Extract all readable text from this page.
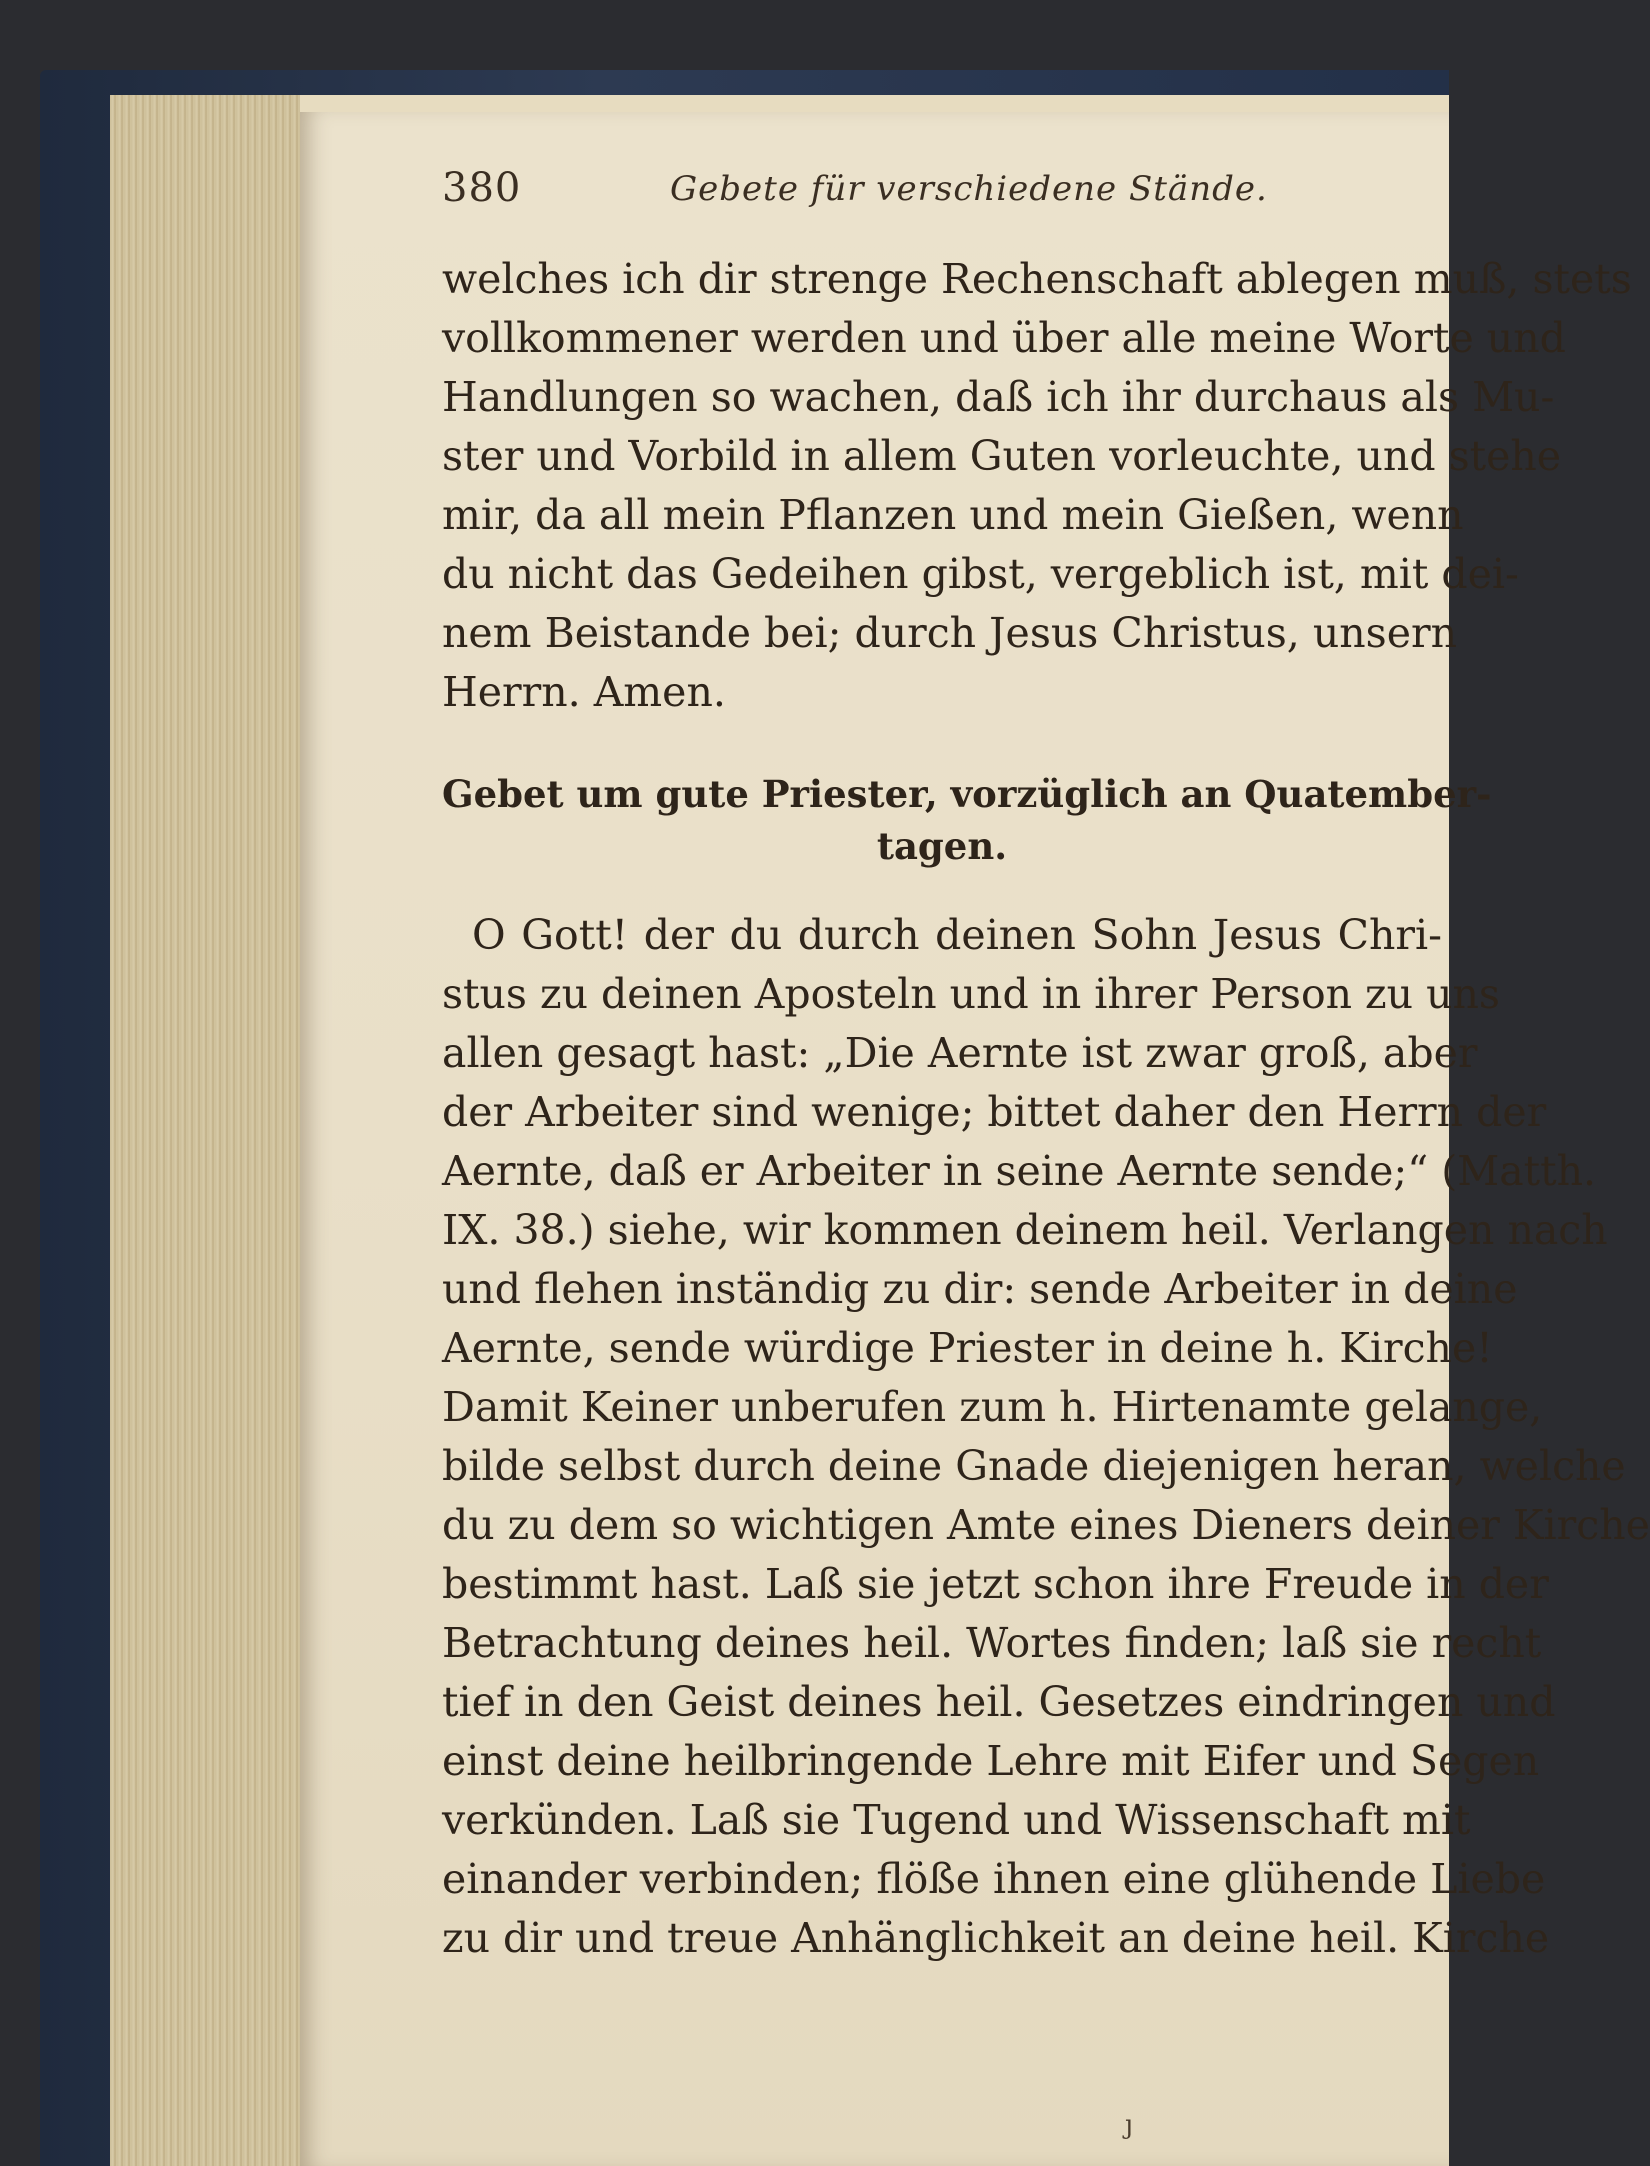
380	Gebete für verschiedene Stände.
welches ich dir strenge Rechenschaft ablegen muß, stets
vollkommener werden und über alle meine Worte und
Handlungen so wachen, daß ich ihr durchaus als Mu-
ster und Vorbild in allem Guten vorleuchte, und stehe
mir, da all mein Pflanzen und mein Gießen, wenn
du nicht das Gedeihen gibst, vergeblich ist, mit dei-
nem Beistande bei; durch Jesus Christus, unsern
Herrn. Amen.
Gebet um gute Priester, vorzüglich an Quatember-
tagen.
O Gott! der du durch deinen Sohn Jesus Chri-
stus zu deinen Aposteln und in ihrer Person zu uns
allen gesagt hast: „Die Aernte ist zwar groß, aber
der Arbeiter sind wenige; bittet daher den Herrn der
Aernte, daß er Arbeiter in seine Aernte sende;“ (Matth.
IX. 38.) siehe, wir kommen deinem heil. Verlangen nach
und flehen inständig zu dir: sende Arbeiter in deine
Aernte, sende würdige Priester in deine h. Kirche!
Damit Keiner unberufen zum h. Hirtenamte gelange,
bilde selbst durch deine Gnade diejenigen heran, welche
du zu dem so wichtigen Amte eines Dieners deiner Kirche
bestimmt hast. Laß sie jetzt schon ihre Freude in der
Betrachtung deines heil. Wortes finden; laß sie recht
tief in den Geist deines heil. Gesetzes eindringen und
einst deine heilbringende Lehre mit Eifer und Segen
verkünden. Laß sie Tugend und Wissenschaft mit
einander verbinden; flöße ihnen eine glühende Liebe
zu dir und treue Anhänglichkeit an deine heil. Kirche
ȷ
